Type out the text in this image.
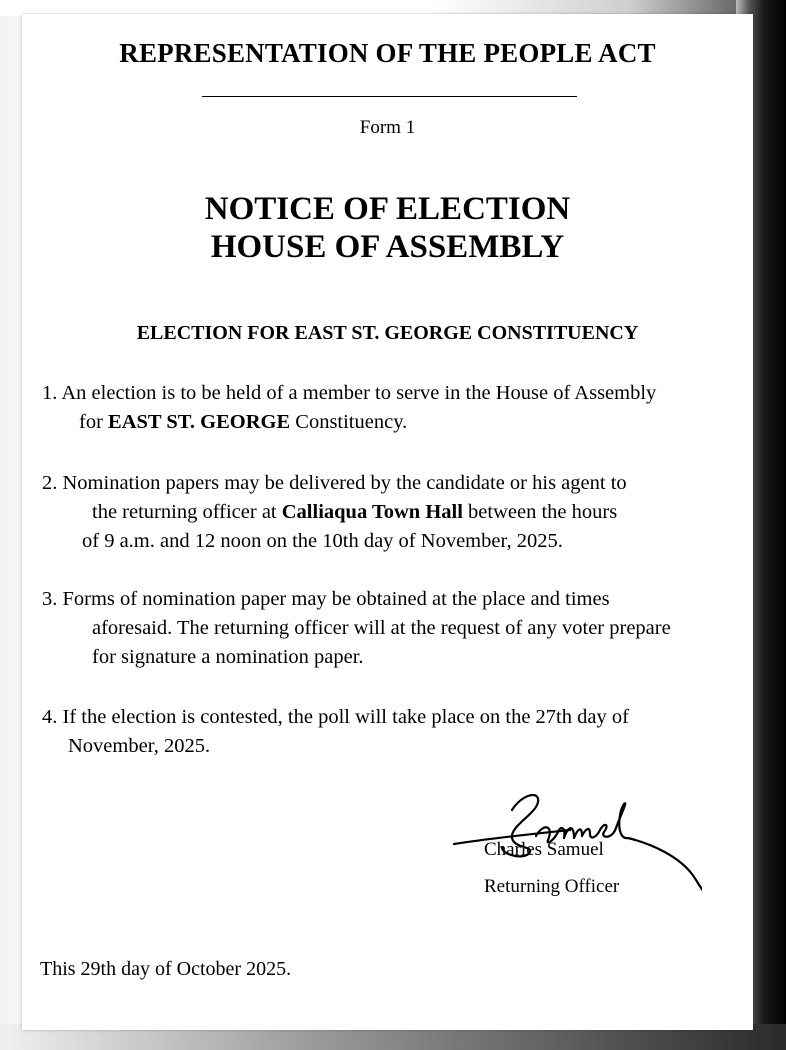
REPRESENTATION OF THE PEOPLE ACT
Form 1
NOTICE OF ELECTION
HOUSE OF ASSEMBLY
ELECTION FOR EAST ST. GEORGE CONSTITUENCY
1. An election is to be held of a member to serve in the House of Assembly
for EAST ST. GEORGE Constituency.
2. Nomination papers may be delivered by the candidate or his agent to
the returning officer at Calliaqua Town Hall between the hours
of 9 a.m. and 12 noon on the 10th day of November, 2025.
3. Forms of nomination paper may be obtained at the place and times
aforesaid. The returning officer will at the request of any voter prepare
for signature a nomination paper.
4. If the election is contested, the poll will take place on the 27th day of
November, 2025.
Charles Samuel
Returning Officer
This 29th day of October 2025.
